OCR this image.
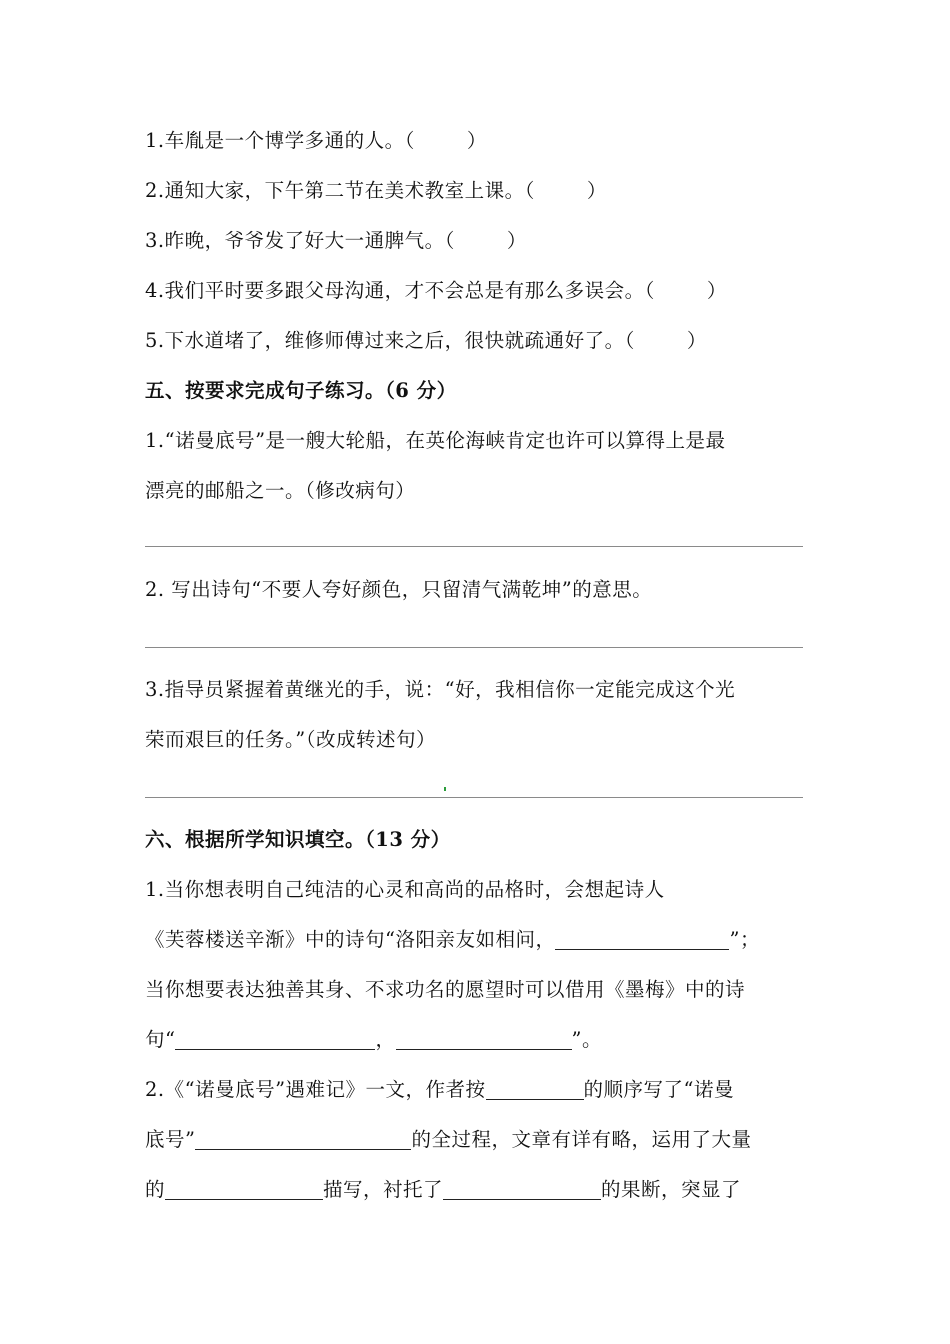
1.车胤是一个博学多通的人。（	）
2.通知大家，下午第二节在美术教室上课。（	）
3.昨晚，爷爷发了好大一通脾气。（	）
4.我们平时要多跟父母沟通，才不会总是有那么多误会。（	）
5.下水道堵了，维修师傅过来之后，很快就疏通好了。（	）
五、按要求完成句子练习。（6 分）
1.“诺曼底号”是一艘大轮船，在英伦海峡肯定也许可以算得上是最
漂亮的邮船之一。（修改病句）
2. 写出诗句“不要人夸好颜色，只留清气满乾坤”的意思。
3.指导员紧握着黄继光的手，说：“好，我相信你一定能完成这个光
荣而艰巨的任务。”（改成转述句）
六、根据所学知识填空。（13 分）
1.当你想表明自己纯洁的心灵和高尚的品格时，会想起诗人
《芙蓉楼送辛渐》中的诗句“洛阳亲友如相问，	”；
当你想要表达独善其身、不求功名的愿望时可以借用《墨梅》中的诗
句“	，	”。
2.《“诺曼底号”遇难记》一文，作者按	的顺序写了“诺曼
底号”	的全过程，文章有详有略，运用了大量
的	描写，衬托了	的果断，突显了
